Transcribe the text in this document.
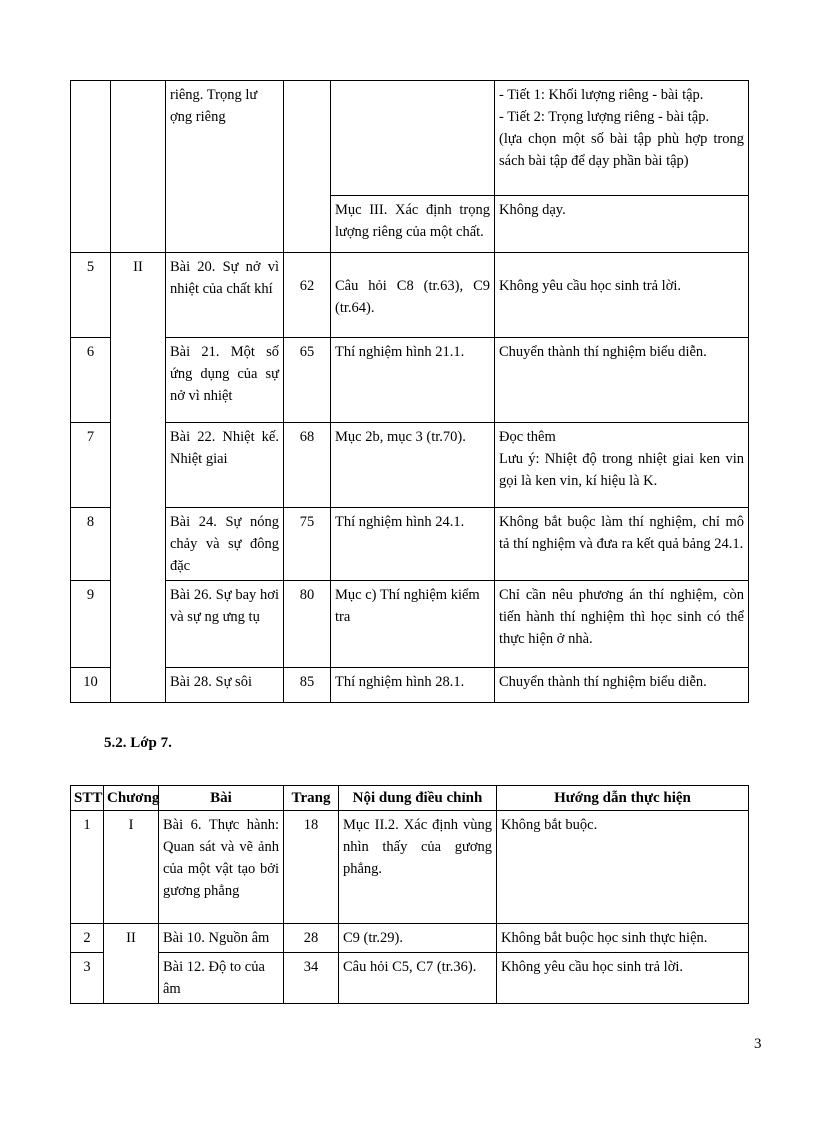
		riêng. Trọng lư ợng riêng			- Tiết 1: Khối lượng riêng - bài tập.
- Tiết 2: Trọng lượng riêng - bài tập.
(lựa chọn một số bài tập phù hợp trong sách bài tập để dạy phần bài tập)

				Mục III. Xác định trọng lượng riêng của một chất.	Không dạy.
5	II	Bài 20. Sự nở vì nhiệt của chất khí	62	Câu hỏi C8 (tr.63), C9 (tr.64).	Không yêu cầu học sinh trả lời.
6		Bài 21. Một số ứng dụng của sự nở vì nhiệt	65	Thí nghiệm hình 21.1.	Chuyển thành thí nghiệm biểu diễn.
7		Bài 22. Nhiệt kế. Nhiệt giai	68	Mục 2b, mục 3 (tr.70).	Đọc thêm
Lưu ý: Nhiệt độ trong nhiệt giai ken vin gọi là ken vin, kí hiệu là K.

8		Bài 24. Sự nóng chảy và sự đông đặc	75	Thí nghiệm hình 24.1.	Không bắt buộc làm thí nghiệm, chỉ mô tả thí nghiệm và đưa ra kết quả bảng 24.1.
9		Bài 26. Sự bay hơi và sự ng ưng tụ	80	Mục c) Thí nghiệm kiểm tra	Chỉ cần nêu phương án thí nghiệm, còn tiến hành thí nghiệm thì học sinh có thể thực hiện ở nhà.
10		Bài 28. Sự sôi	85	Thí nghiệm hình 28.1.	Chuyển thành thí nghiệm biểu diễn.
5.2. Lớp 7.
STT	Chương	Bài	Trang	Nội dung điều chỉnh	Hướng dẫn thực hiện
1	I	Bài 6. Thực hành: Quan sát và vẽ ảnh của một vật tạo bởi gương phẳng	18	Mục II.2. Xác định vùng nhìn thấy của gương phẳng.	Không bắt buộc.
2	II	Bài 10. Nguồn âm	28	C9 (tr.29).	Không bắt buộc học sinh thực hiện.
3		Bài 12. Độ to của âm	34	Câu hỏi C5, C7 (tr.36).	Không yêu cầu học sinh trả lời.
3
